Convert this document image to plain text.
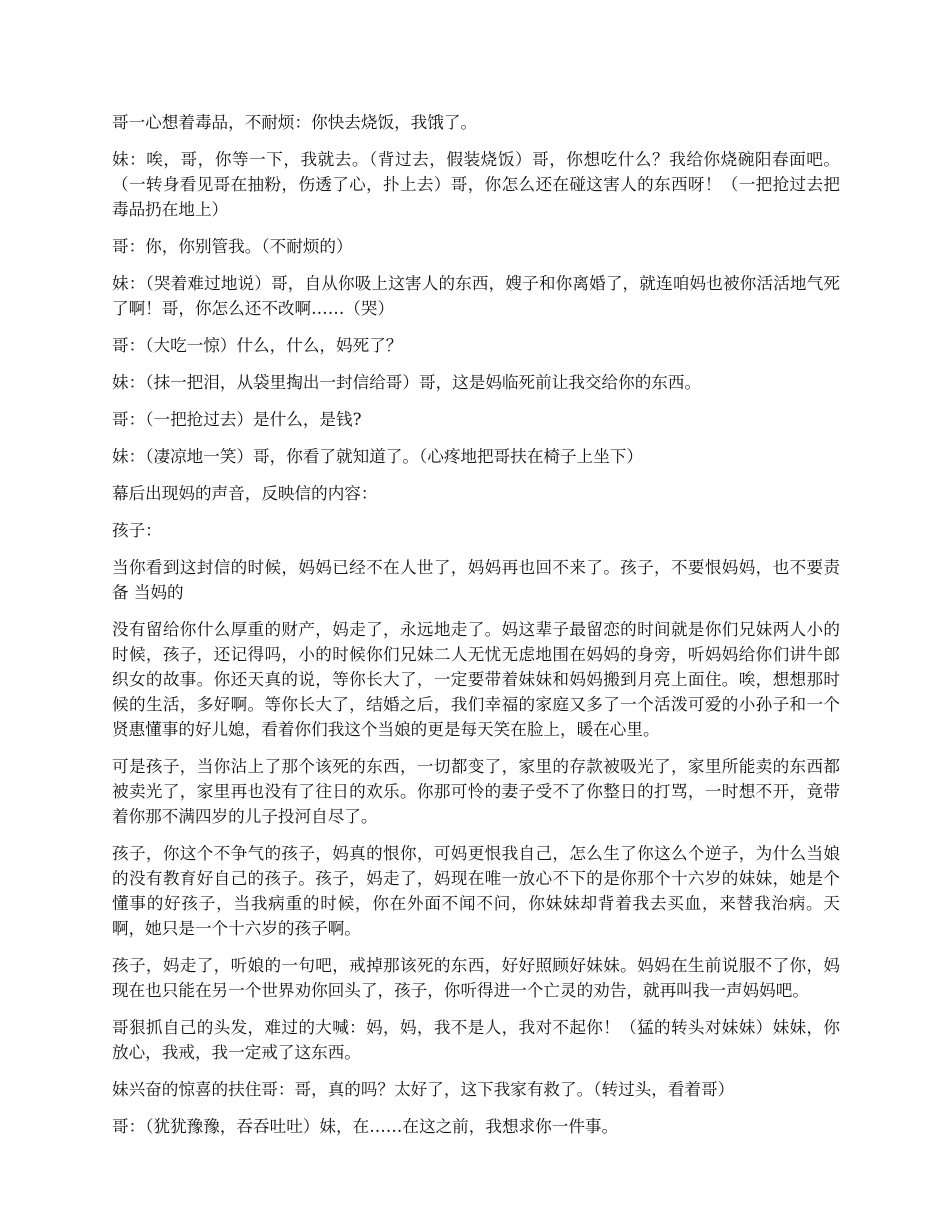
哥一心想着毒品，不耐烦：你快去烧饭，我饿了。

妹：唉，哥，你等一下，我就去。（背过去，假装烧饭）哥，你想吃什么？我给你烧碗阳春面吧。（一转身看见哥在抽粉，伤透了心，扑上去）哥，你怎么还在碰这害人的东西呀！（一把抢过去把毒品扔在地上）

哥：你，你别管我。（不耐烦的）

妹：（哭着难过地说）哥，自从你吸上这害人的东西，嫂子和你离婚了，就连咱妈也被你活活地气死了啊！哥，你怎么还不改啊……（哭）

哥：（大吃一惊）什么，什么，妈死了？

妹：（抹一把泪，从袋里掏出一封信给哥）哥，这是妈临死前让我交给你的东西。

哥：（一把抢过去）是什么，是钱?

妹：（凄凉地一笑）哥，你看了就知道了。（心疼地把哥扶在椅子上坐下）

幕后出现妈的声音，反映信的内容：

孩子：

当你看到这封信的时候，妈妈已经不在人世了，妈妈再也回不来了。孩子，不要恨妈妈，也不要责备 当妈的

没有留给你什么厚重的财产，妈走了，永远地走了。妈这辈子最留恋的时间就是你们兄妹两人小的时候，孩子，还记得吗，小的时候你们兄妹二人无忧无虑地围在妈妈的身旁，听妈妈给你们讲牛郎织女的故事。你还天真的说，等你长大了，一定要带着妹妹和妈妈搬到月亮上面住。唉，想想那时候的生活，多好啊。等你长大了，结婚之后，我们幸福的家庭又多了一个活泼可爱的小孙子和一个贤惠懂事的好儿媳，看着你们我这个当娘的更是每天笑在脸上，暖在心里。

可是孩子，当你沾上了那个该死的东西，一切都变了，家里的存款被吸光了，家里所能卖的东西都被卖光了，家里再也没有了往日的欢乐。你那可怜的妻子受不了你整日的打骂，一时想不开，竟带着你那不满四岁的儿子投河自尽了。

孩子，你这个不争气的孩子，妈真的恨你，可妈更恨我自己，怎么生了你这么个逆子，为什么当娘的没有教育好自己的孩子。孩子，妈走了，妈现在唯一放心不下的是你那个十六岁的妹妹，她是个懂事的好孩子，当我病重的时候，你在外面不闻不问，你妹妹却背着我去买血，来替我治病。天啊，她只是一个十六岁的孩子啊。

孩子，妈走了，听娘的一句吧，戒掉那该死的东西，好好照顾好妹妹。妈妈在生前说服不了你，妈现在也只能在另一个世界劝你回头了，孩子，你听得进一个亡灵的劝告，就再叫我一声妈妈吧。

哥狠抓自己的头发，难过的大喊：妈，妈，我不是人，我对不起你！（猛的转头对妹妹）妹妹，你放心，我戒，我一定戒了这东西。

妹兴奋的惊喜的扶住哥：哥，真的吗？太好了，这下我家有救了。（转过头，看着哥）

哥：（犹犹豫豫，吞吞吐吐）妹，在……在这之前，我想求你一件事。
